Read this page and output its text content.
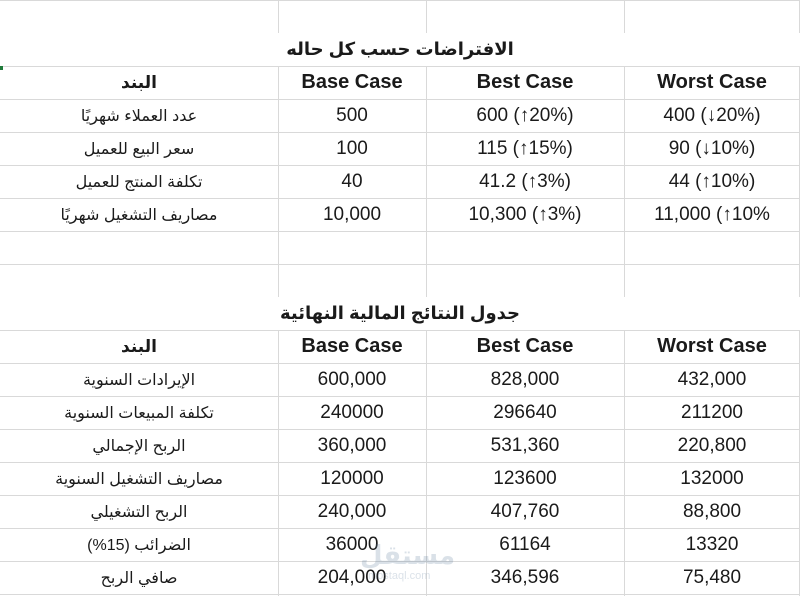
الافتراضات حسب كل حاله
البند	Base Case	Best Case	Worst Case
عدد العملاء شهريًا	500	600 (↑20%)	400 (↓20%)
سعر البيع للعميل	100	115 (↑15%)	90 (↓10%)
تكلفة المنتج للعميل	40	41.2 (↑3%)	44 (↑10%)
مصاريف التشغيل شهريًا	10,000	10,300 (↑3%)	11,000 (↑10%
جدول النتائج المالية النهائية
البند	Base Case	Best Case	Worst Case
الإيرادات السنوية	600,000	828,000	432,000
تكلفة المبيعات السنوية	240000	296640	211200
الربح الإجمالي	360,000	531,360	220,800
مصاريف التشغيل السنوية	120000	123600	132000
الربح التشغيلي	240,000	407,760	88,800
الضرائب (15%)	36000	61164	13320
صافي الربح	204,000	346,596	75,480
مستقل
mostaql.com
